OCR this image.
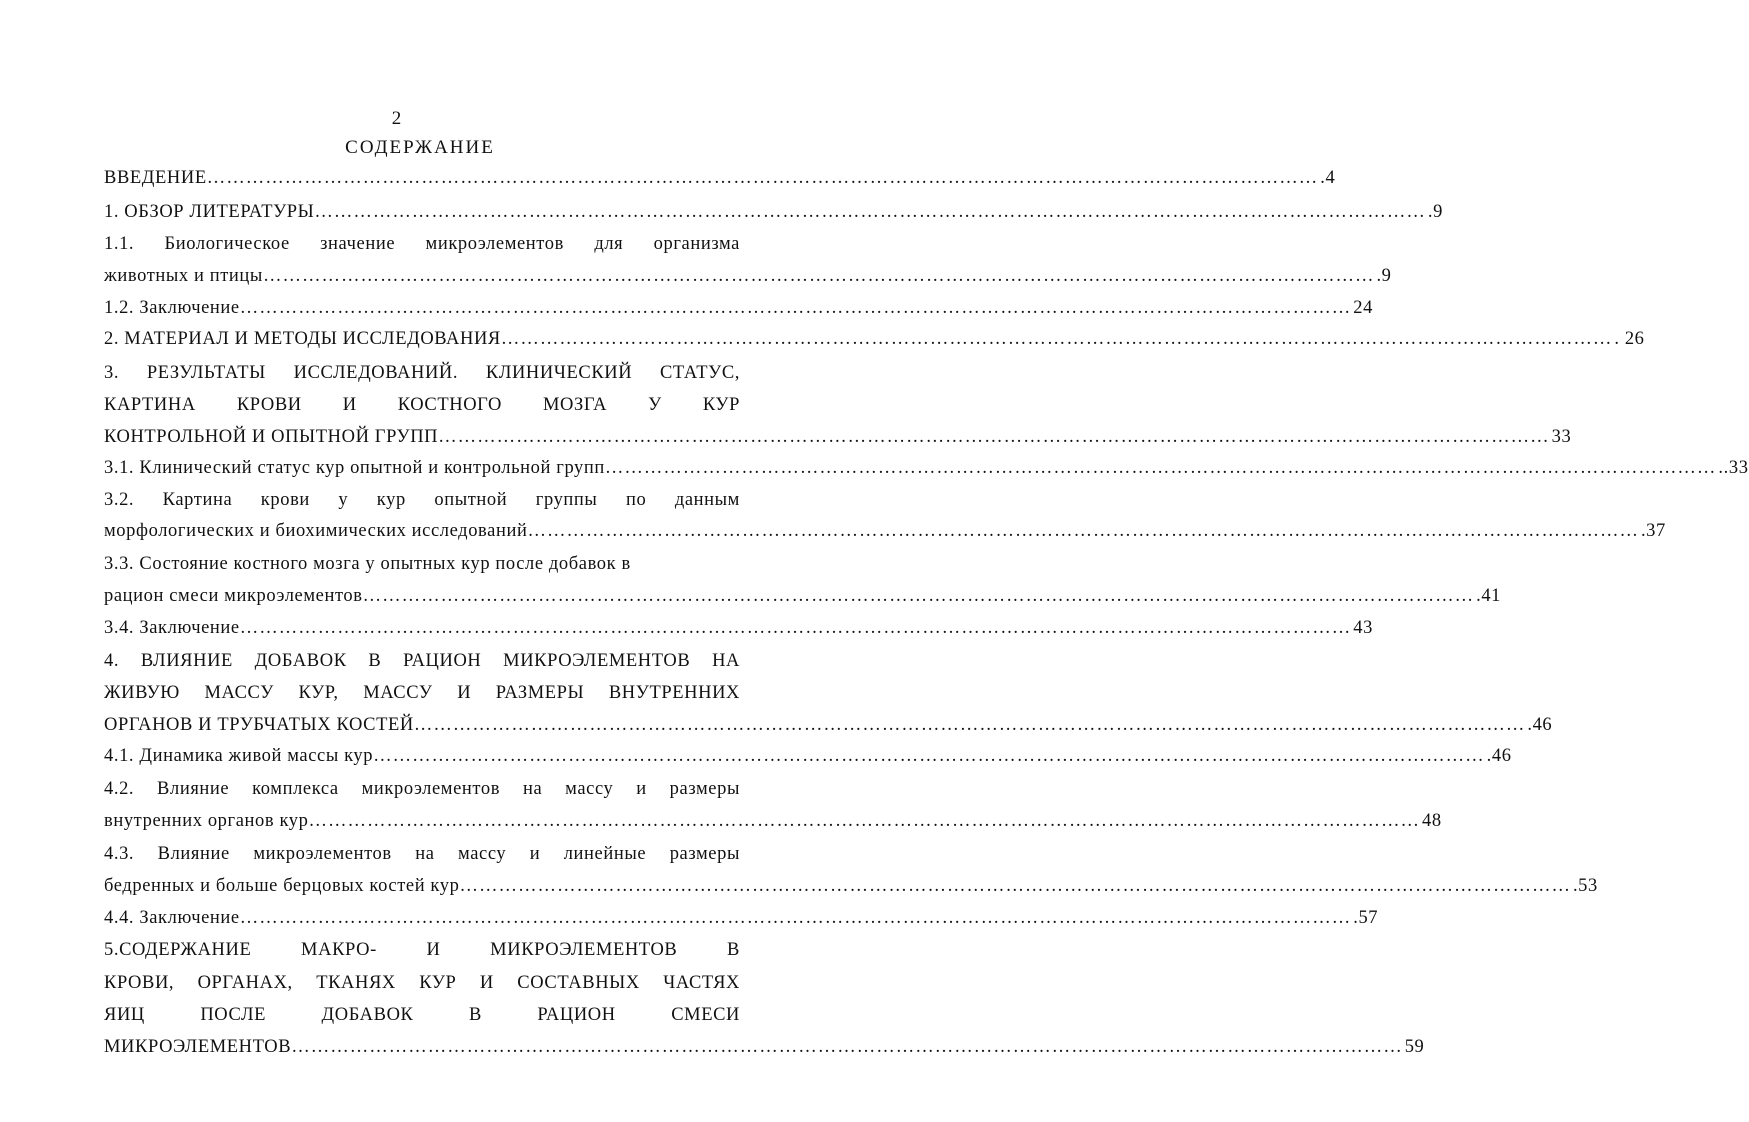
2
СОДЕРЖАНИЕ
ВВЕДЕНИЕ ……………………………………………………………………………………………………………………………………………………… .4
1. ОБЗОР ЛИТЕРАТУРЫ ……………………………………………………………………………………………………………………………………………………… .9
1.1. Биологическое значение микроэлементов для организма
животных и птицы ……………………………………………………………………………………………………………………………………………………… .9
1.2. Заключение ……………………………………………………………………………………………………………………………………………………… 24
2. МАТЕРИАЛ И МЕТОДЫ ИССЛЕДОВАНИЯ ……………………………………………………………………………………………………………………………………………………… . 26
3. РЕЗУЛЬТАТЫ ИССЛЕДОВАНИЙ. КЛИНИЧЕСКИЙ СТАТУС,
КАРТИНА КРОВИ И КОСТНОГО МОЗГА У КУР
КОНТРОЛЬНОЙ И ОПЫТНОЙ ГРУПП ……………………………………………………………………………………………………………………………………………………… 33
3.1. Клинический статус кур опытной и контрольной групп ……………………………………………………………………………………………………………………………………………………… ..33
3.2. Картина крови у кур опытной группы по данным
морфологических и биохимических исследований ……………………………………………………………………………………………………………………………………………………… .37
3.3. Состояние костного мозга у опытных кур после добавок в
рацион смеси микроэлементов ……………………………………………………………………………………………………………………………………………………… .41
3.4. Заключение ……………………………………………………………………………………………………………………………………………………… 43
4. ВЛИЯНИЕ ДОБАВОК В РАЦИОН МИКРОЭЛЕМЕНТОВ НА
ЖИВУЮ МАССУ КУР, МАССУ И РАЗМЕРЫ ВНУТРЕННИХ
ОРГАНОВ И ТРУБЧАТЫХ КОСТЕЙ ……………………………………………………………………………………………………………………………………………………… .46
4.1. Динамика живой массы кур ……………………………………………………………………………………………………………………………………………………… .46
4.2. Влияние комплекса микроэлементов на массу и размеры
внутренних органов кур ……………………………………………………………………………………………………………………………………………………… 48
4.3. Влияние микроэлементов на массу и линейные размеры
бедренных и больше берцовых костей кур ……………………………………………………………………………………………………………………………………………………… .53
4.4. Заключение ……………………………………………………………………………………………………………………………………………………… .57
5.СОДЕРЖАНИЕ МАКРО- И МИКРОЭЛЕМЕНТОВ В
КРОВИ, ОРГАНАХ, ТКАНЯХ КУР И СОСТАВНЫХ ЧАСТЯХ
ЯИЦ ПОСЛЕ ДОБАВОК В РАЦИОН СМЕСИ
МИКРОЭЛЕМЕНТОВ ……………………………………………………………………………………………………………………………………………………… 59
